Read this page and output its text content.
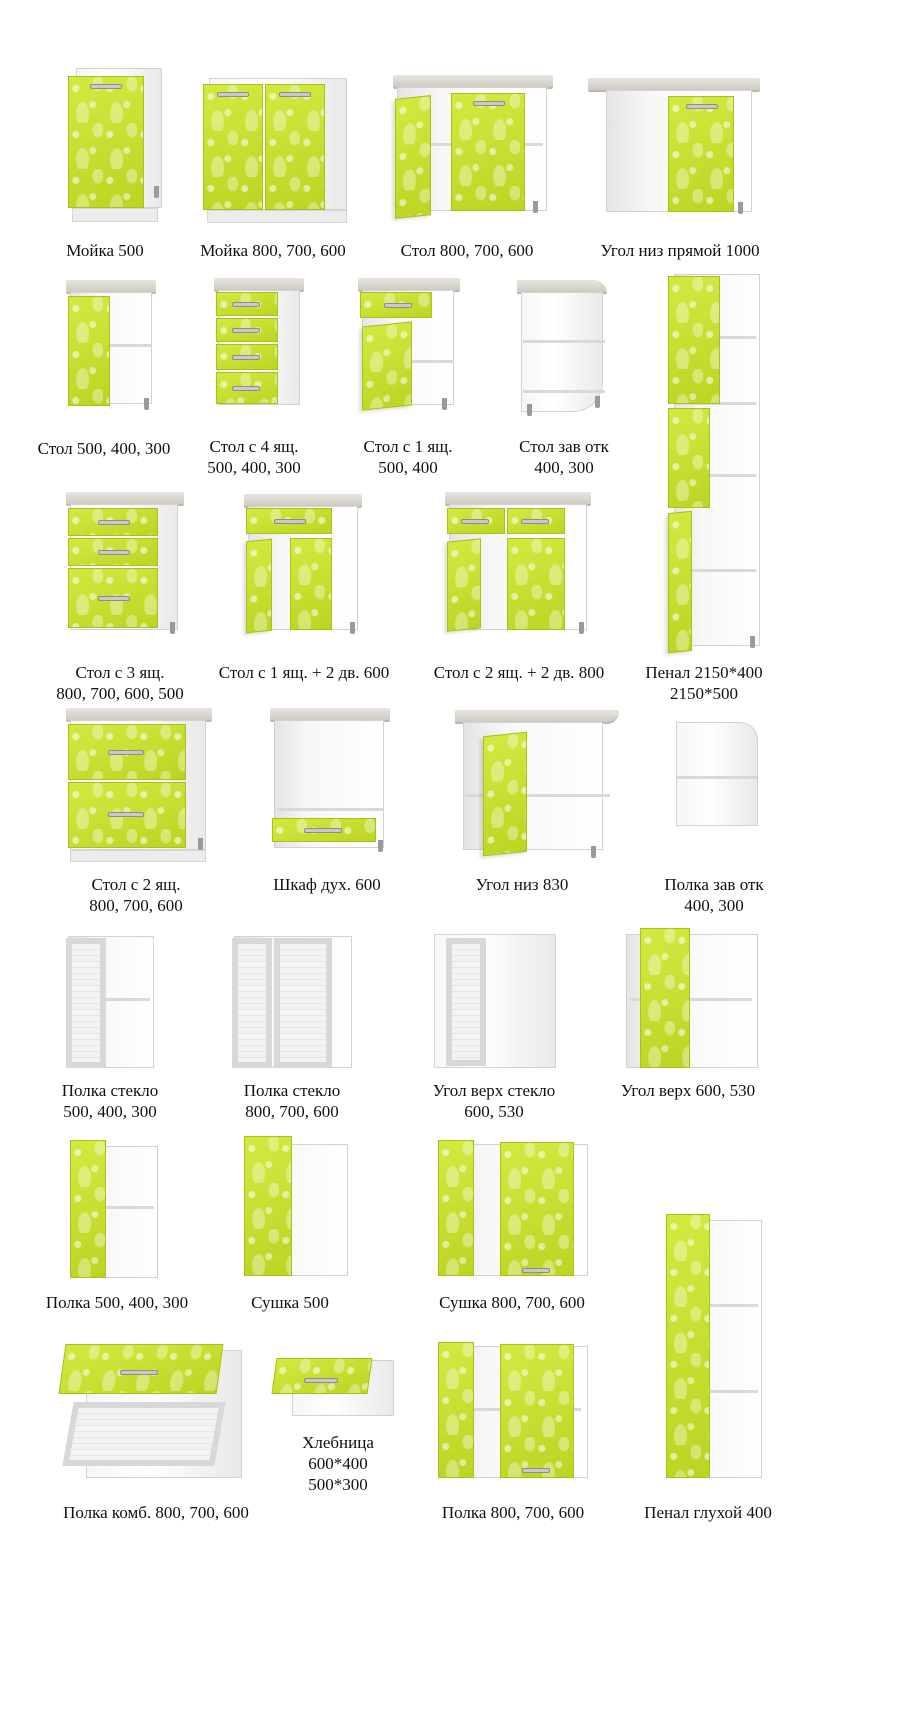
Мойка 500	Мойка 800, 700, 600	Стол 800, 700, 600	Угол низ прямой 1000
Стол 500, 400, 300 Стол с 4 ящ.
500, 400, 300
Стол с 1 ящ.
500, 400
Стол зав отк
400, 300
Пенал 2150*400
2150*500
Стол с 3 ящ.
800, 700, 600, 500
Стол с 1 ящ. + 2 дв. 600	Стол с 2 ящ. + 2 дв. 800
Стол с 2 ящ.
800, 700, 600
Шкаф дух. 600	Угол низ 830	Полка зав отк
400, 300
Полка стекло
500, 400, 300
Полка стекло
800, 700, 600
Угол верх стекло
600, 530
Угол верх 600, 530
Полка 500, 400, 300	Сушка 500	Сушка 800, 700, 600
Полка комб. 800, 700, 600
Хлебница
600*400
500*300
Полка 800, 700, 600	Пенал глухой 400
